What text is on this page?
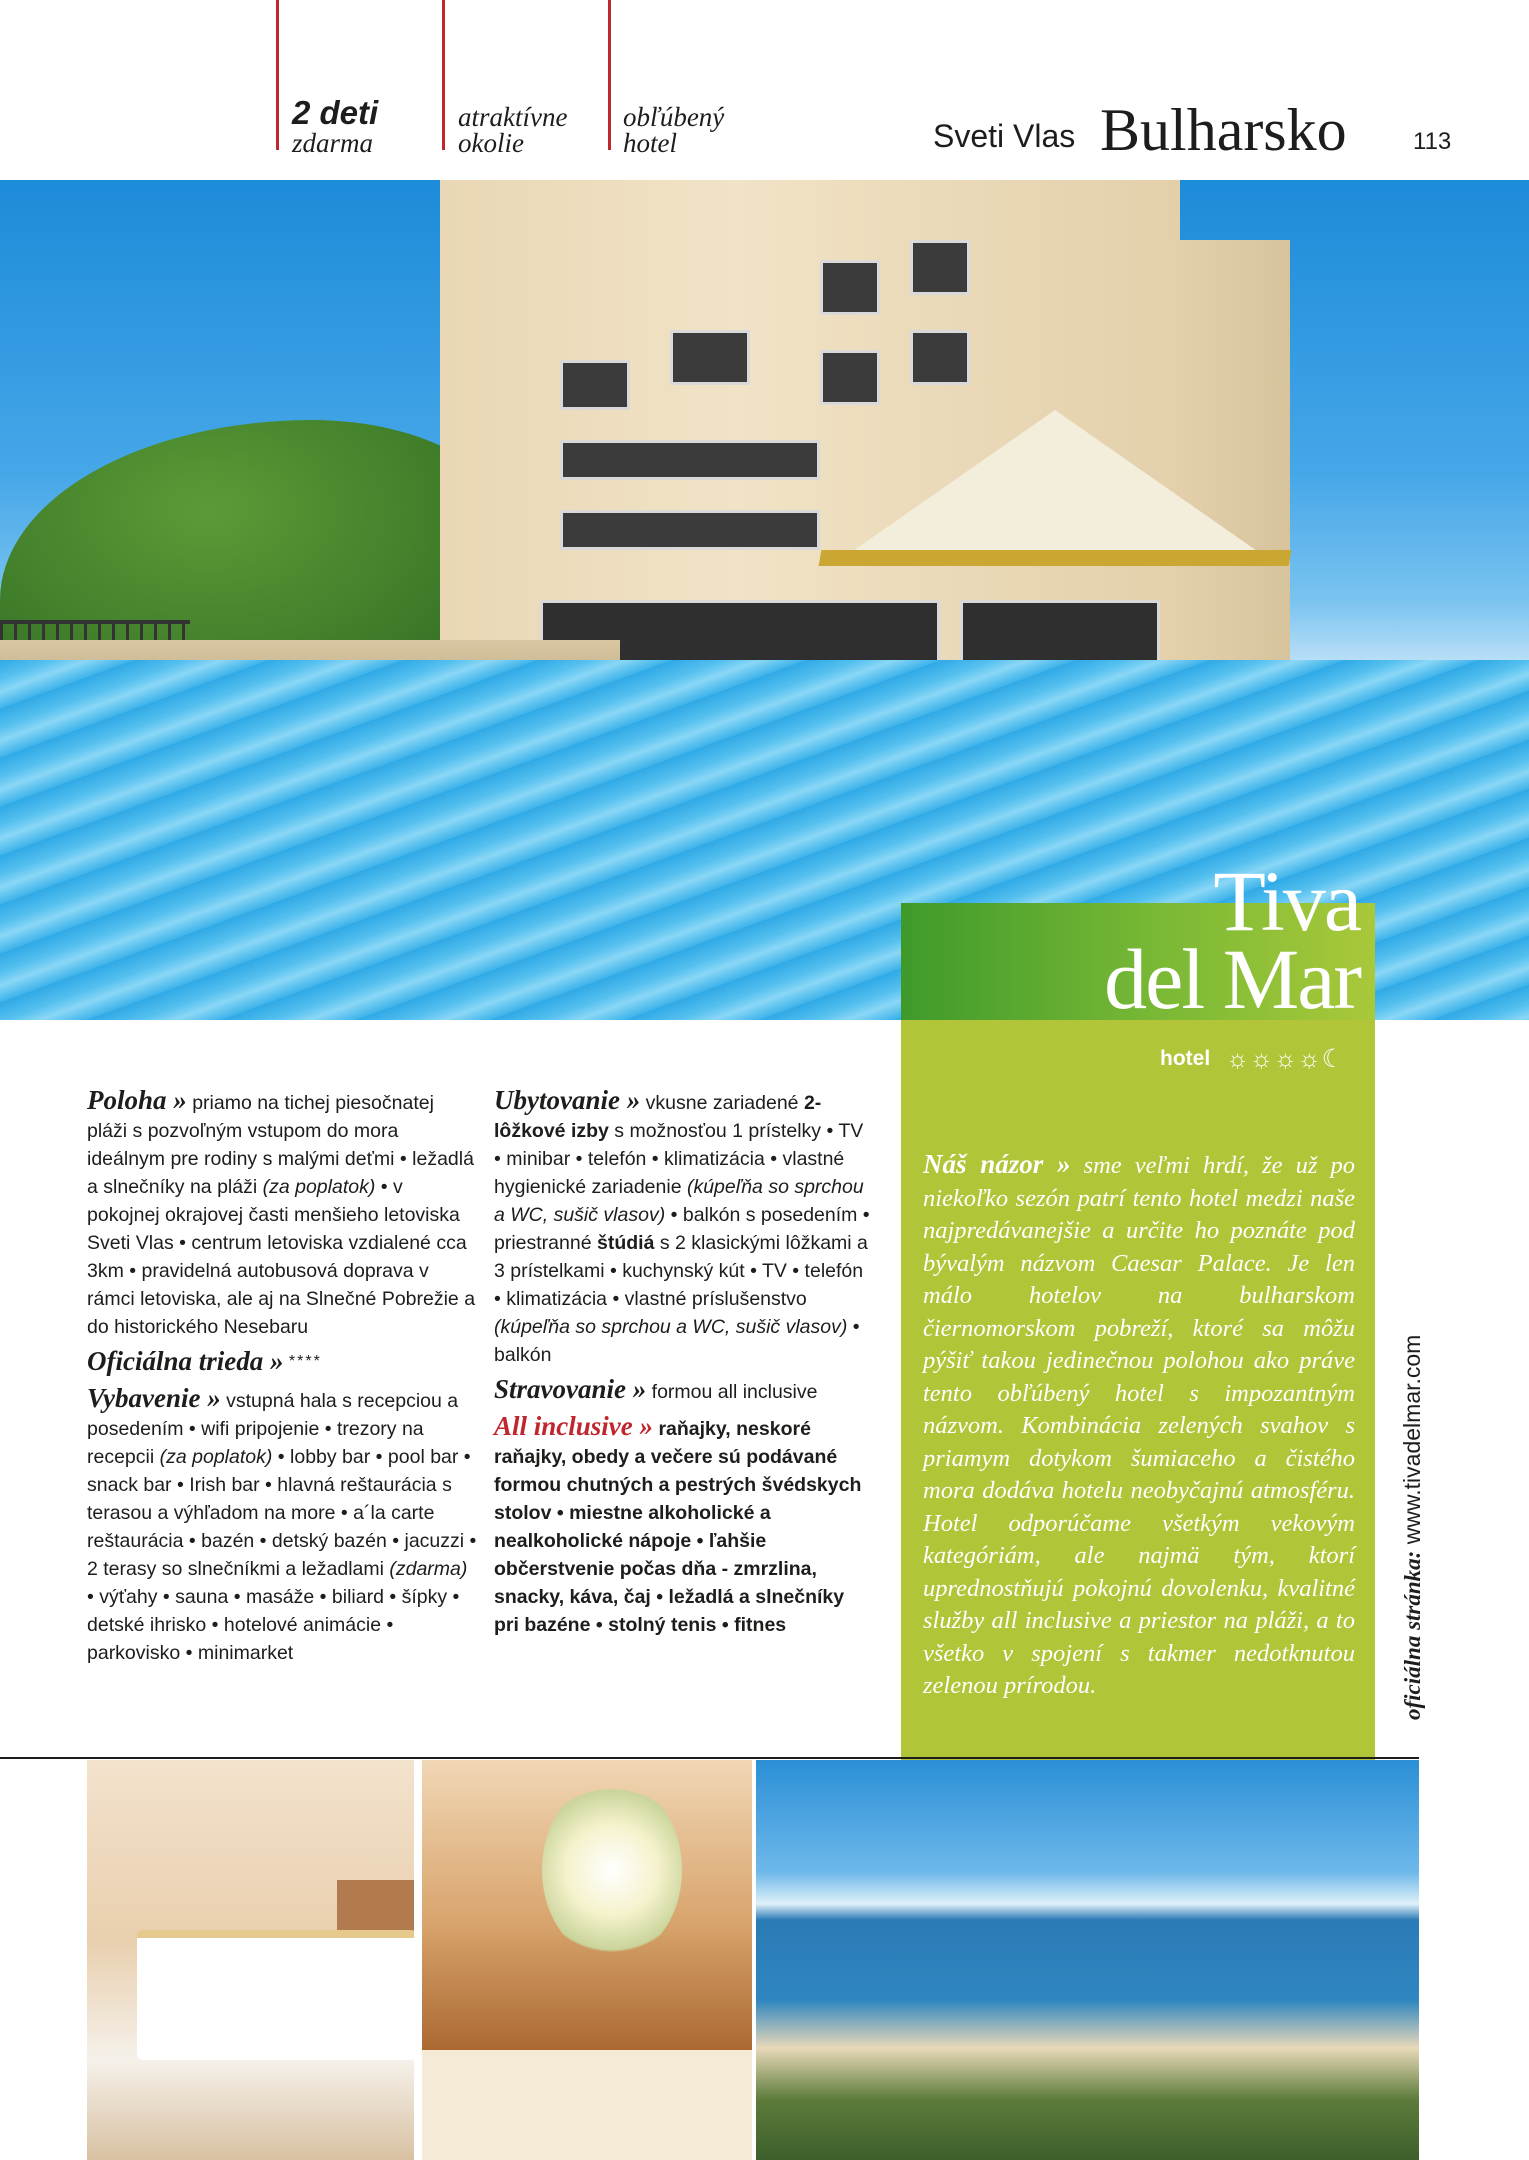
2 deti
zdarma
atraktívne
okolie
obľúbený
hotel	Sveti Vlas Bulharsko	113
Tiva
del Mar
hotel ☼☼☼☼☾
Náš názor » sme veľmi hrdí, že už po niekoľko sezón patrí tento hotel medzi naše najpredávanejšie a určite ho poznáte pod bývalým názvom Caesar Palace. Je len málo hotelov na bulharskom čiernomorskom pobreží, ktoré sa môžu pýšiť takou jedinečnou polohou ako práve tento obľúbený hotel s impozantným názvom. Kombinácia zelených svahov s priamym dotykom šumiaceho a čistého mora dodáva hotelu neobyčajnú atmosféru. Hotel odporúčame všetkým vekovým kategóriám, ale najmä tým, ktorí uprednostňujú pokojnú dovolenku, kvalitné služby all inclusive a priestor na pláži, a to všetko v spojení s takmer nedotknutou zelenou prírodou.	oficiálna stránka: www.tivadelmar.com

Poloha » priamo na tichej piesočnatej pláži s pozvoľným vstupom do mora ideálnym pre rodiny s malými deťmi • ležadlá a slnečníky na pláži (za poplatok) • v pokojnej okrajovej časti menšieho letoviska Sveti Vlas • centrum letoviska vzdialené cca 3km • pravidelná autobusová doprava v rámci letoviska, ale aj na Slnečné Pobrežie a do historického Nesebaru

Oficiálna trieda » ****

Vybavenie » vstupná hala s recepciou a posedením • wifi pripojenie • trezory na recepcii (za poplatok) • lobby bar • pool bar • snack bar • Irish bar • hlavná reštaurácia s terasou a výhľadom na more • a´la carte reštaurácia • bazén • detský bazén • jacuzzi • 2 terasy so slnečníkmi a ležadlami (zdarma) • výťahy • sauna • masáže • biliard • šípky • detské ihrisko • hotelové animácie • parkovisko • minimarket

Ubytovanie » vkusne zariadené 2-lôžkové izby s možnosťou 1 prístelky • TV • minibar • telefón • klimatizácia • vlastné hygienické zariadenie (kúpeľňa so sprchou a WC, sušič vlasov) • balkón s posedením • priestranné štúdiá s 2 klasickými lôžkami a 3 prístelkami • kuchynský kút • TV • telefón • klimatizácia • vlastné príslušenstvo (kúpeľňa so sprchou a WC, sušič vlasov) • balkón

Stravovanie » formou all inclusive

All inclusive » raňajky, neskoré raňajky, obedy a večere sú podávané formou chutných a pestrých švédskych stolov • miestne alkoholické a nealkoholické nápoje • ľahšie občerstvenie počas dňa - zmrzlina, snacky, káva, čaj • ležadlá a slnečníky pri bazéne • stolný tenis • fitnes
